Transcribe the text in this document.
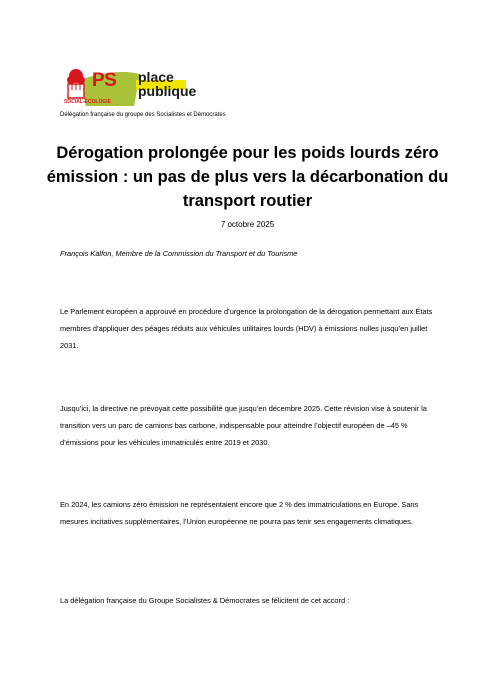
PS
SOCIAL-ÉCOLOGIE
place
publique
Délégation française du groupe des Socialistes et Démocrates
Dérogation prolongée pour les poids lourds zéro émission : un pas de plus vers la décarbonation du transport routier
7 octobre 2025
François Kalfon, Membre de la Commission du Transport et du Tourisme
Le Parlement européen a approuvé en procédure d’urgence la prolongation de la dérogation permettant aux États membres d’appliquer des péages réduits aux véhicules utilitaires lourds (HDV) à émissions nulles jusqu’en juillet 2031.
Jusqu’ici, la directive ne prévoyait cette possibilité que jusqu’en décembre 2025. Cette révision vise à soutenir la transition vers un parc de camions bas carbone, indispensable pour atteindre l’objectif européen de –45 % d’émissions pour les véhicules immatriculés entre 2019 et 2030.
En 2024, les camions zéro émission ne représentaient encore que 2 % des immatriculations en Europe. Sans mesures incitatives supplémentaires, l’Union européenne ne pourra pas tenir ses engagements climatiques.
La délégation française du Groupe Socialistes & Démocrates se félicitent de cet accord :
